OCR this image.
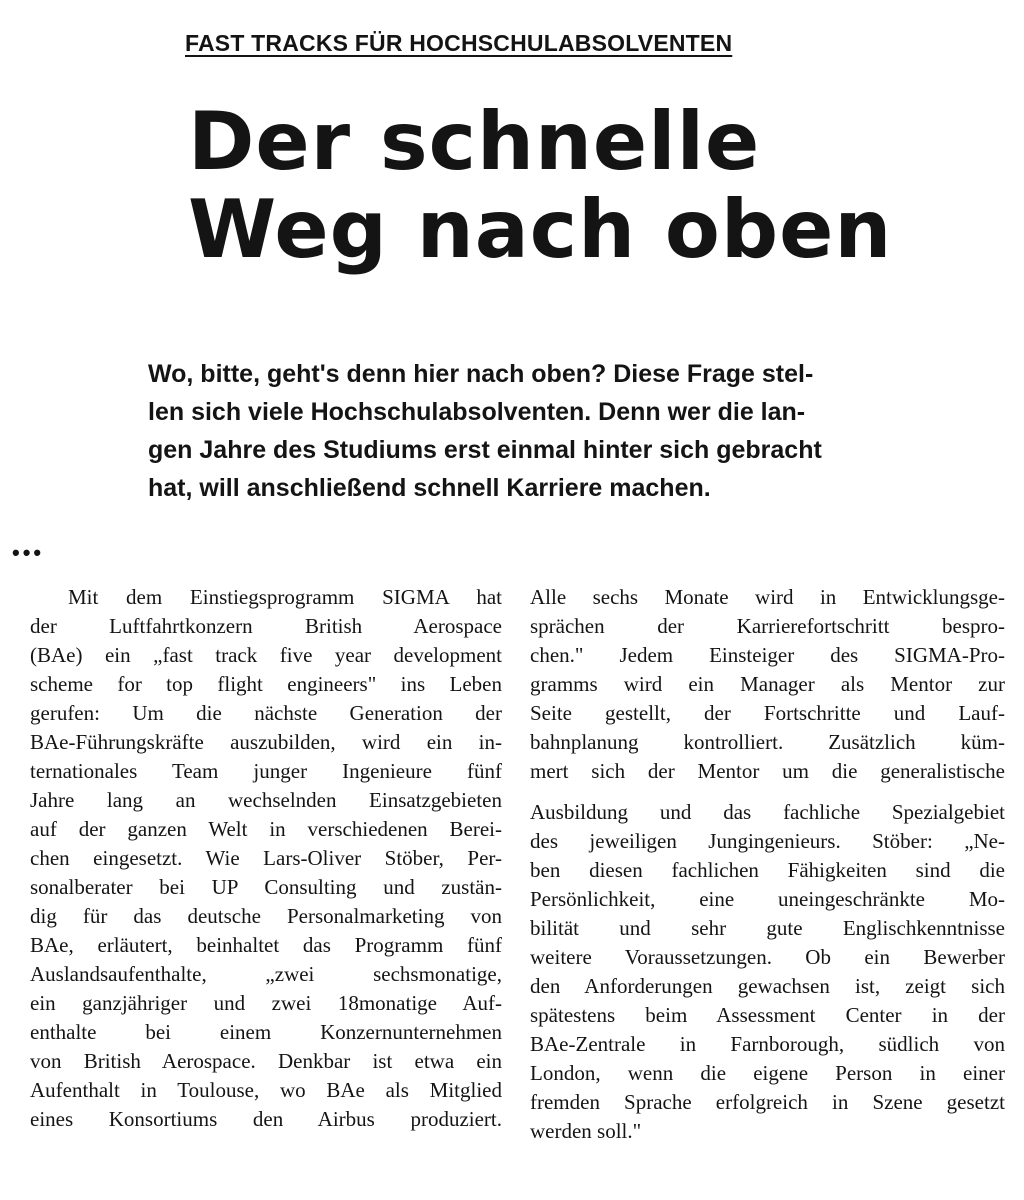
FAST TRACKS FÜR HOCHSCHULABSOLVENTEN
Der schnelle
Weg nach oben

Wo, bitte, geht's denn hier nach oben? Diese Frage stel-
len sich viele Hochschulabsolventen. Denn wer die lan-
gen Jahre des Studiums erst einmal hinter sich gebracht
hat, will anschließend schnell Karriere machen.

•••
Mit dem Einstiegsprogramm SIGMA hat
der Luftfahrtkonzern British Aerospace
(BAe) ein „fast track five year development
scheme for top flight engineers" ins Leben
gerufen: Um die nächste Generation der
BAe-Führungskräfte auszubilden, wird ein in-
ternationales Team junger Ingenieure fünf
Jahre lang an wechselnden Einsatzgebieten
auf der ganzen Welt in verschiedenen Berei-
chen eingesetzt. Wie Lars-Oliver Stöber, Per-
sonalberater bei UP Consulting und zustän-
dig für das deutsche Personalmarketing von
BAe, erläutert, beinhaltet das Programm fünf
Auslandsaufenthalte, „zwei sechsmonatige,
ein ganzjähriger und zwei 18monatige Auf-
enthalte bei einem Konzernunternehmen
von British Aerospace. Denkbar ist etwa ein
Aufenthalt in Toulouse, wo BAe als Mitglied
eines Konsortiums den Airbus produziert.
Alle sechs Monate wird in Entwicklungsge-
sprächen der Karrierefortschritt bespro-
chen." Jedem Einsteiger des SIGMA-Pro-
gramms wird ein Manager als Mentor zur
Seite gestellt, der Fortschritte und Lauf-
bahnplanung kontrolliert. Zusätzlich küm-
mert sich der Mentor um die generalistische
Ausbildung und das fachliche Spezialgebiet
des jeweiligen Jungingenieurs. Stöber: „Ne-
ben diesen fachlichen Fähigkeiten sind die
Persönlichkeit, eine uneingeschränkte Mo-
bilität und sehr gute Englischkenntnisse
weitere Voraussetzungen. Ob ein Bewerber
den Anforderungen gewachsen ist, zeigt sich
spätestens beim Assessment Center in der
BAe-Zentrale in Farnborough, südlich von
London, wenn die eigene Person in einer
fremden Sprache erfolgreich in Szene gesetzt
werden soll."
